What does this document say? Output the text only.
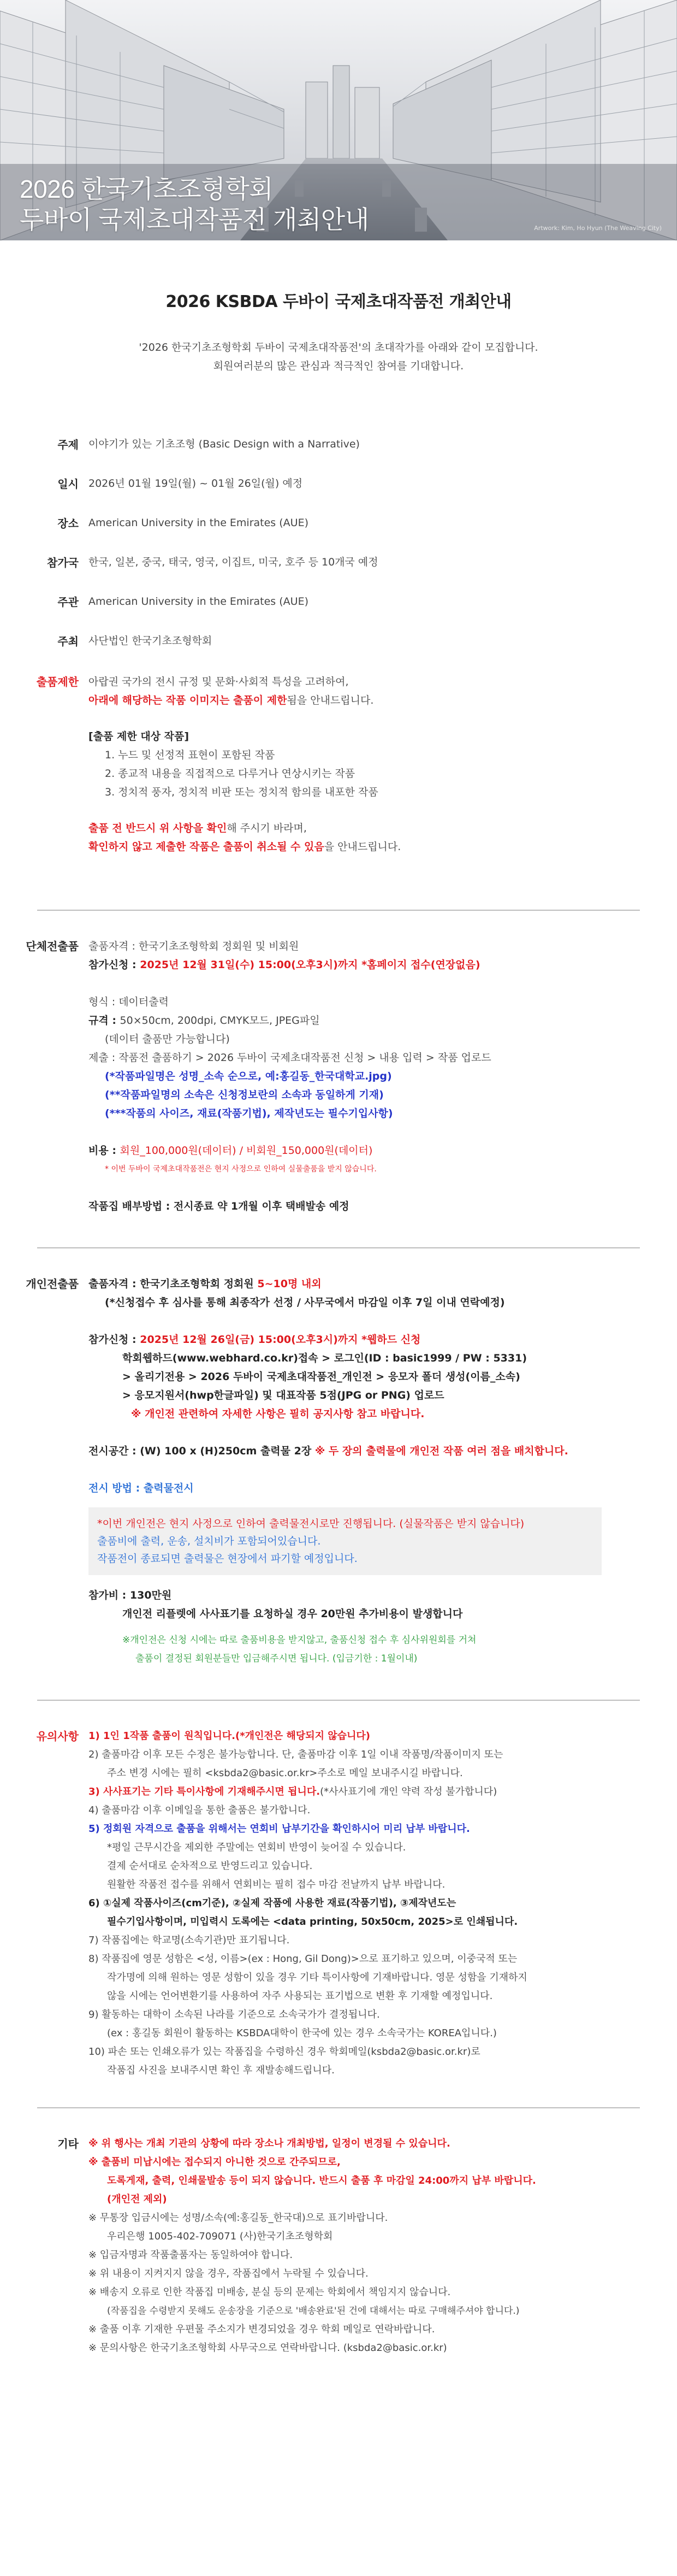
2026 한국기초조형학회
두바이 국제초대작품전 개최안내	Artwork: Kim, Ho Hyun (The Weaving City)
2026 KSBDA 두바이 국제초대작품전 개최안내
'2026 한국기초조형학회 두바이 국제초대작품전'의 초대작가를 아래와 같이 모집합니다.
회원여러분의 많은 관심과 적극적인 참여를 기대합니다.
주제 이야기가 있는 기초조형 (Basic Design with a Narrative)
일시 2026년 01월 19일(월) ~ 01월 26일(월) 예정
장소 American University in the Emirates (AUE)
참가국 한국, 일본, 중국, 태국, 영국, 이집트, 미국, 호주 등 10개국 예정
주관 American University in the Emirates (AUE)
주최 사단법인 한국기초조형학회
출품제한 아랍권 국가의 전시 규정 및 문화·사회적 특성을 고려하여,
아래에 해당하는 작품 이미지는 출품이 제한됨을 안내드립니다.
[출품 제한 대상 작품]
1. 누드 및 선정적 표현이 포함된 작품
2. 종교적 내용을 직접적으로 다루거나 연상시키는 작품
3. 정치적 풍자, 정치적 비판 또는 정치적 함의를 내포한 작품
출품 전 반드시 위 사항을 확인해 주시기 바라며,
확인하지 않고 제출한 작품은 출품이 취소될 수 있음을 안내드립니다.
단체전출품 출품자격 : 한국기초조형학회 정회원 및 비회원
참가신청 : 2025년 12월 31일(수) 15:00(오후3시)까지 *홈페이지 접수(연장없음)
형식 : 데이터출력
규격 : 50×50cm, 200dpi, CMYK모드, JPEG파일
(데이터 출품만 가능합니다)
제출 : 작품전 출품하기 > 2026 두바이 국제초대작품전 신청 > 내용 입력 > 작품 업로드
(*작품파일명은 성명_소속 순으로, 예:홍길동_한국대학교.jpg)
(**작품파일명의 소속은 신청정보란의 소속과 동일하게 기재)
(***작품의 사이즈, 재료(작품기법), 제작년도는 필수기입사항)
비용 : 회원_100,000원(데이터) / 비회원_150,000원(데이터)
* 이번 두바이 국제초대작품전은 현지 사정으로 인하여 실물출품을 받지 않습니다.
작품집 배부방법 : 전시종료 약 1개월 이후 택배발송 예정
개인전출품 출품자격 : 한국기초조형학회 정회원 5~10명 내외
(*신청접수 후 심사를 통해 최종작가 선정 / 사무국에서 마감일 이후 7일 이내 연락예정)
참가신청 : 2025년 12월 26일(금) 15:00(오후3시)까지 *웹하드 신청
학회웹하드(www.webhard.co.kr)접속 > 로그인(ID : basic1999 / PW : 5331)
> 올리기전용 > 2026 두바이 국제초대작품전_개인전 > 응모자 폴더 생성(이름_소속)
> 응모지원서(hwp한글파일) 및 대표작품 5점(JPG or PNG) 업로드
※ 개인전 관련하여 자세한 사항은 필히 공지사항 참고 바랍니다.
전시공간 : (W) 100 x (H)250cm 출력물 2장 ※ 두 장의 출력물에 개인전 작품 여러 점을 배치합니다.
전시 방법 : 출력물전시
*이번 개인전은 현지 사정으로 인하여 출력물전시로만 진행됩니다. (실물작품은 받지 않습니다)
출품비에 출력, 운송, 설치비가 포함되어있습니다.
작품전이 종료되면 출력물은 현장에서 파기할 예정입니다.
참가비 : 130만원
개인전 리플렛에 사사표기를 요청하실 경우 20만원 추가비용이 발생합니다
※개인전은 신청 시에는 따로 출품비용을 받지않고, 출품신청 접수 후 심사위원회를 거쳐
출품이 결정된 회원분들만 입금해주시면 됩니다. (입금기한 : 1월이내)
유의사항	1) 1인 1작품 출품이 원칙입니다.(*개인전은 해당되지 않습니다)
2) 출품마감 이후 모든 수정은 불가능합니다. 단, 출품마감 이후 1일 이내 작품명/작품이미지 또는
주소 변경 시에는 필히 <ksbda2@basic.or.kr>주소로 메일 보내주시길 바랍니다.
3) 사사표기는 기타 특이사항에 기재해주시면 됩니다.(*사사표기에 개인 약력 작성 불가합니다)
4) 출품마감 이후 이메일을 통한 출품은 불가합니다.
5) 정회원 자격으로 출품을 위해서는 연회비 납부기간을 확인하시어 미리 납부 바랍니다.
*평일 근무시간을 제외한 주말에는 연회비 반영이 늦어질 수 있습니다.
결제 순서대로 순차적으로 반영드리고 있습니다.
원활한 작품전 접수를 위해서 연회비는 필히 접수 마감 전날까지 납부 바랍니다.
6) ①실제 작품사이즈(cm기준), ②실제 작품에 사용한 재료(작품기법), ③제작년도는
필수기입사항이며, 미입력시 도록에는 <data printing, 50x50cm, 2025>로 인쇄됩니다.
7) 작품집에는 학교명(소속기관)만 표기됩니다.
8) 작품집에 영문 성함은 <성, 이름>(ex : Hong, Gil Dong)>으로 표기하고 있으며, 이중국적 또는
작가명에 의해 원하는 영문 성함이 있을 경우 기타 특이사항에 기재바랍니다. 영문 성함을 기재하지
않을 시에는 언어변환기를 사용하여 자주 사용되는 표기법으로 변환 후 기재할 예정입니다.
9) 활동하는 대학이 소속된 나라를 기준으로 소속국가가 결정됩니다.
(ex : 홍길동 회원이 활동하는 KSBDA대학이 한국에 있는 경우 소속국가는 KOREA입니다.)
10) 파손 또는 인쇄오류가 있는 작품집을 수령하신 경우 학회메일(ksbda2@basic.or.kr)로
작품집 사진을 보내주시면 확인 후 재발송해드립니다.
기타	※ 위 행사는 개최 기관의 상황에 따라 장소나 개최방법, 일정이 변경될 수 있습니다.
※ 출품비 미납시에는 접수되지 아니한 것으로 간주되므로,
도록게재, 출력, 인쇄물발송 등이 되지 않습니다. 반드시 출품 후 마감일 24:00까지 납부 바랍니다.
(개인전 제외)
※ 무통장 입금시에는 성명/소속(예:홍길동_한국대)으로 표기바랍니다.
우리은행 1005-402-709071 (사)한국기초조형학회
※ 입금자명과 작품출품자는 동일하여야 합니다.
※ 위 내용이 지켜지지 않을 경우, 작품집에서 누락될 수 있습니다.
※ 배송지 오류로 인한 작품집 미배송, 분실 등의 문제는 학회에서 책임지지 않습니다.
(작품집을 수령받지 못해도 운송장을 기준으로 '배송완료'된 건에 대해서는 따로 구매해주셔야 합니다.)
※ 출품 이후 기재한 우편물 주소지가 변경되었을 경우 학회 메일로 연락바랍니다.
※ 문의사항은 한국기초조형학회 사무국으로 연락바랍니다. (ksbda2@basic.or.kr)
